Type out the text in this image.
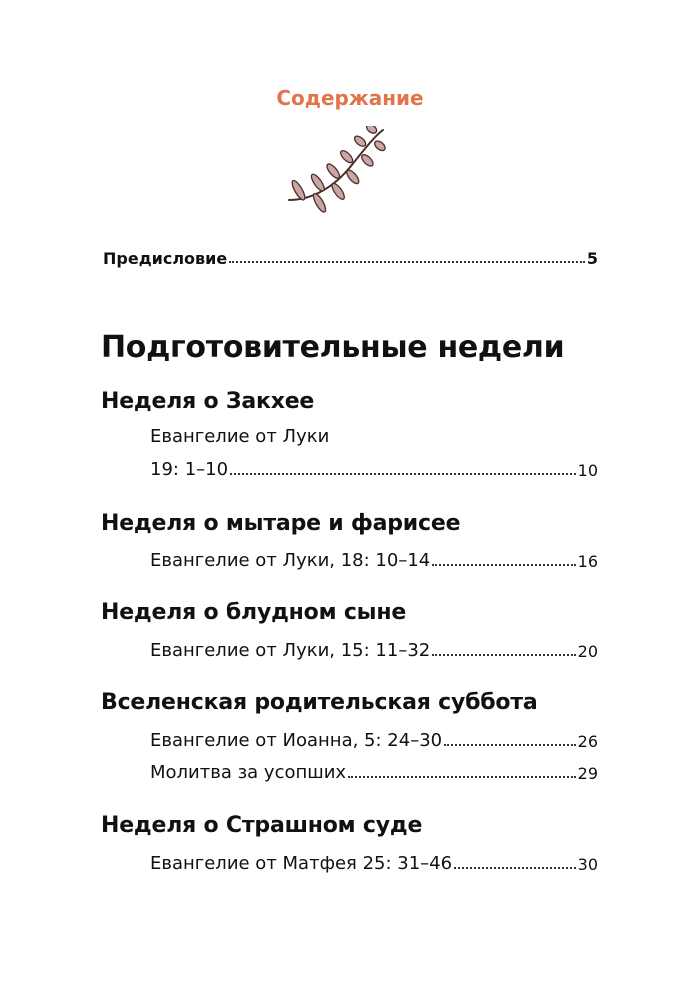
Содержание
Предисловие	5
Подготовительные недели
Неделя о Закхее
Евангелие от Луки
19: 1–10	10
Неделя о мытаре и фарисее
Евангелие от Луки, 18: 10–14	16
Неделя о блудном сыне
Евангелие от Луки, 15: 11–32	20
Вселенская родительская суббота
Евангелие от Иоанна, 5: 24–30	26
Молитва за усопших	29
Неделя о Страшном суде
Евангелие от Матфея 25: 31–46	30
